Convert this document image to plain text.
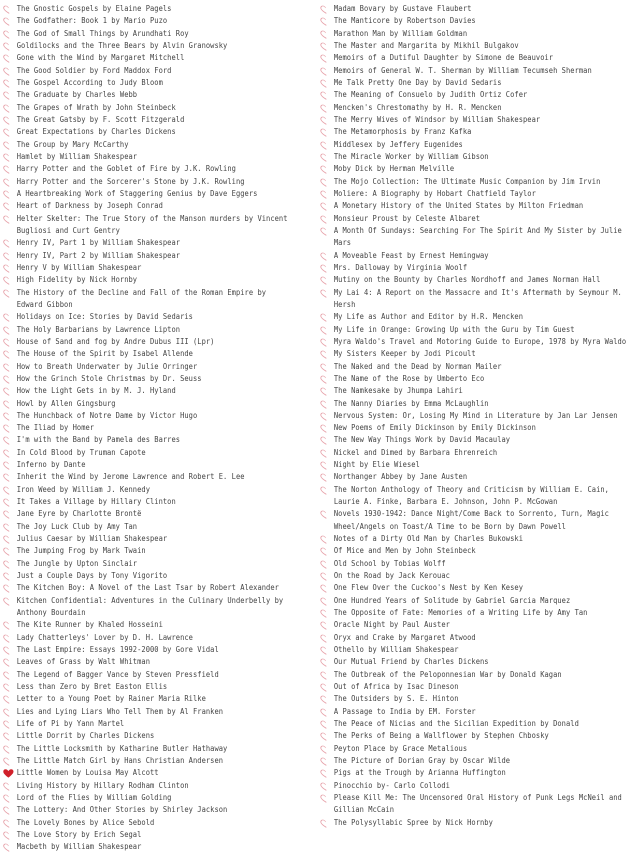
The Gnostic Gospels by Elaine Pagels
The Godfather: Book 1 by Mario Puzo
The God of Small Things by Arundhati Roy
Goldilocks and the Three Bears by Alvin Granowsky
Gone with the Wind by Margaret Mitchell
The Good Soldier by Ford Maddox Ford
The Gospel According to Judy Bloom
The Graduate by Charles Webb
The Grapes of Wrath by John Steinbeck
The Great Gatsby by F. Scott Fitzgerald
Great Expectations by Charles Dickens
The Group by Mary McCarthy
Hamlet by William Shakespear
Harry Potter and the Goblet of Fire by J.K. Rowling
Harry Potter and the Sorcerer's Stone by J.K. Rowling
A Heartbreaking Work of Staggering Genius by Dave Eggers
Heart of Darkness by Joseph Conrad
Helter Skelter: The True Story of the Manson murders by Vincent Bugliosi and Curt Gentry
Henry IV, Part 1 by William Shakespear
Henry IV, Part 2 by William Shakespear
Henry V by William Shakespear
High Fidelity by Nick Hornby
The History of the Decline and Fall of the Roman Empire by Edward Gibbon
Holidays on Ice: Stories by David Sedaris
The Holy Barbarians by Lawrence Lipton
House of Sand and fog by Andre Dubus III (Lpr)
The House of the Spirit by Isabel Allende
How to Breath Underwater by Julie Orringer
How the Grinch Stole Christmas by Dr. Seuss
How the Light Gets in by M. J. Hyland
Howl by Allen Gingsburg
The Hunchback of Notre Dame by Victor Hugo
The Iliad by Homer
I'm with the Band by Pamela des Barres
In Cold Blood by Truman Capote
Inferno by Dante
Inherit the Wind by Jerome Lawrence and Robert E. Lee
Iron Weed by William J. Kennedy
It Takes a Village by Hillary Clinton
Jane Eyre by Charlotte Brontë
The Joy Luck Club by Amy Tan
Julius Caesar by William Shakespear
The Jumping Frog by Mark Twain
The Jungle by Upton Sinclair
Just a Couple Days by Tony Vigorito
The Kitchen Boy: A Novel of the Last Tsar by Robert Alexander
Kitchen Confidential: Adventures in the Culinary Underbelly by Anthony Bourdain
The Kite Runner by Khaled Hosseini
Lady Chatterleys' Lover by D. H. Lawrence
The Last Empire: Essays 1992-2000 by Gore Vidal
Leaves of Grass by Walt Whitman
The Legend of Bagger Vance by Steven Pressfield
Less than Zero by Bret Easton Ellis
Letter to a Young Poet by Rainer Maria Rilke
Lies and Lying Liars Who Tell Them by Al Franken
Life of Pi by Yann Martel
Little Dorrit by Charles Dickens
The Little Locksmith by Katharine Butler Hathaway
The Little Match Girl by Hans Christian Andersen
Little Women by Louisa May Alcott
Living History by Hillary Rodham Clinton
Lord of the Flies by William Golding
The Lottery: And Other Stories by Shirley Jackson
The Lovely Bones by Alice Sebold
The Love Story by Erich Segal
Macbeth by William Shakespear
Madam Bovary by Gustave Flaubert
The Manticore by Robertson Davies
Marathon Man by William Goldman
The Master and Margarita by Mikhil Bulgakov
Memoirs of a Dutiful Daughter by Simone de Beauvoir
Memoirs of General W. T. Sherman by William Tecumseh Sherman
Me Talk Pretty One Day by David Sedaris
The Meaning of Consuelo by Judith Ortiz Cofer
Mencken's Chrestomathy by H. R. Mencken
The Merry Wives of Windsor by William Shakespear
The Metamorphosis by Franz Kafka
Middlesex by Jeffery Eugenides
The Miracle Worker by William Gibson
Moby Dick by Herman Melville
The Mojo Collection: The Ultimate Music Companion by Jim Irvin
Moliere: A Biography by Hobart Chatfield Taylor
A Monetary History of the United States by Milton Friedman
Monsieur Proust by Celeste Albaret
A Month Of Sundays: Searching For The Spirit And My Sister by Julie Mars
A Moveable Feast by Ernest Hemingway
Mrs. Dalloway by Virginia Woolf
Mutiny on the Bounty by Charles Nordhoff and James Norman Hall
My Lai 4: A Report on the Massacre and It's Aftermath by Seymour M. Hersh
My Life as Author and Editor by H.R. Mencken
My Life in Orange: Growing Up with the Guru by Tim Guest
Myra Waldo's Travel and Motoring Guide to Europe, 1978 by Myra Waldo
My Sisters Keeper by Jodi Picoult
The Naked and the Dead by Norman Mailer
The Name of the Rose by Umberto Eco
The Namkesake by Jhumpa Lahiri
The Nanny Diaries by Emma McLaughlin
Nervous System: Or, Losing My Mind in Literature by Jan Lar Jensen
New Poems of Emily Dickinson by Emily Dickinson
The New Way Things Work by David Macaulay
Nickel and Dimed by Barbara Ehrenreich
Night by Elie Wiesel
Northanger Abbey by Jane Austen
The Norton Anthology of Theory and Criticism by William E. Cain, Laurie A. Finke, Barbara E. Johnson, John P. McGowan
Novels 1930-1942: Dance Night/Come Back to Sorrento, Turn, Magic Wheel/Angels on Toast/A Time to be Born by Dawn Powell
Notes of a Dirty Old Man by Charles Bukowski
Of Mice and Men by John Steinbeck
Old School by Tobias Wolff
On the Road by Jack Kerouac
One Flew Over the Cuckoo's Nest by Ken Kesey
One Hundred Years of Solitude by Gabriel Garcia Marquez
The Opposite of Fate: Memories of a Writing Life by Amy Tan
Oracle Night by Paul Auster
Oryx and Crake by Margaret Atwood
Othello by William Shakespear
Our Mutual Friend by Charles Dickens
The Outbreak of the Peloponnesian War by Donald Kagan
Out of Africa by Isac Dineson
The Outsiders by S. E. Hinton
A Passage to India by EM. Forster
The Peace of Nicias and the Sicilian Expedition by Donald
The Perks of Being a Wallflower by Stephen Chbosky
Peyton Place by Grace Metalious
The Picture of Dorian Gray by Oscar Wilde
Pigs at the Trough by Arianna Huffington
Pinocchio by- Carlo Collodi
Please Kill Me: The Uncensored Oral History of Punk Legs McNeil and Gillian McCain
The Polysyllabic Spree by Nick Hornby
